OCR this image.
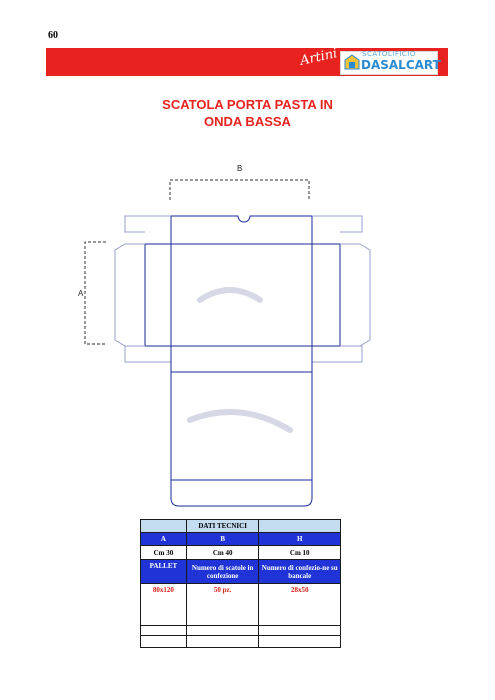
60
Artini	SCATOLIFICIO
DASALCART
SCATOLA PORTA PASTA IN
ONDA BASSA
B
A
	DATI TECNICI	
A	B	H
Cm 30	Cm 40	Cm 10
PALLET	Numero di scatole in confezione	Numero di confezio-ne su bancale
80x120	50 pz.	28x50
